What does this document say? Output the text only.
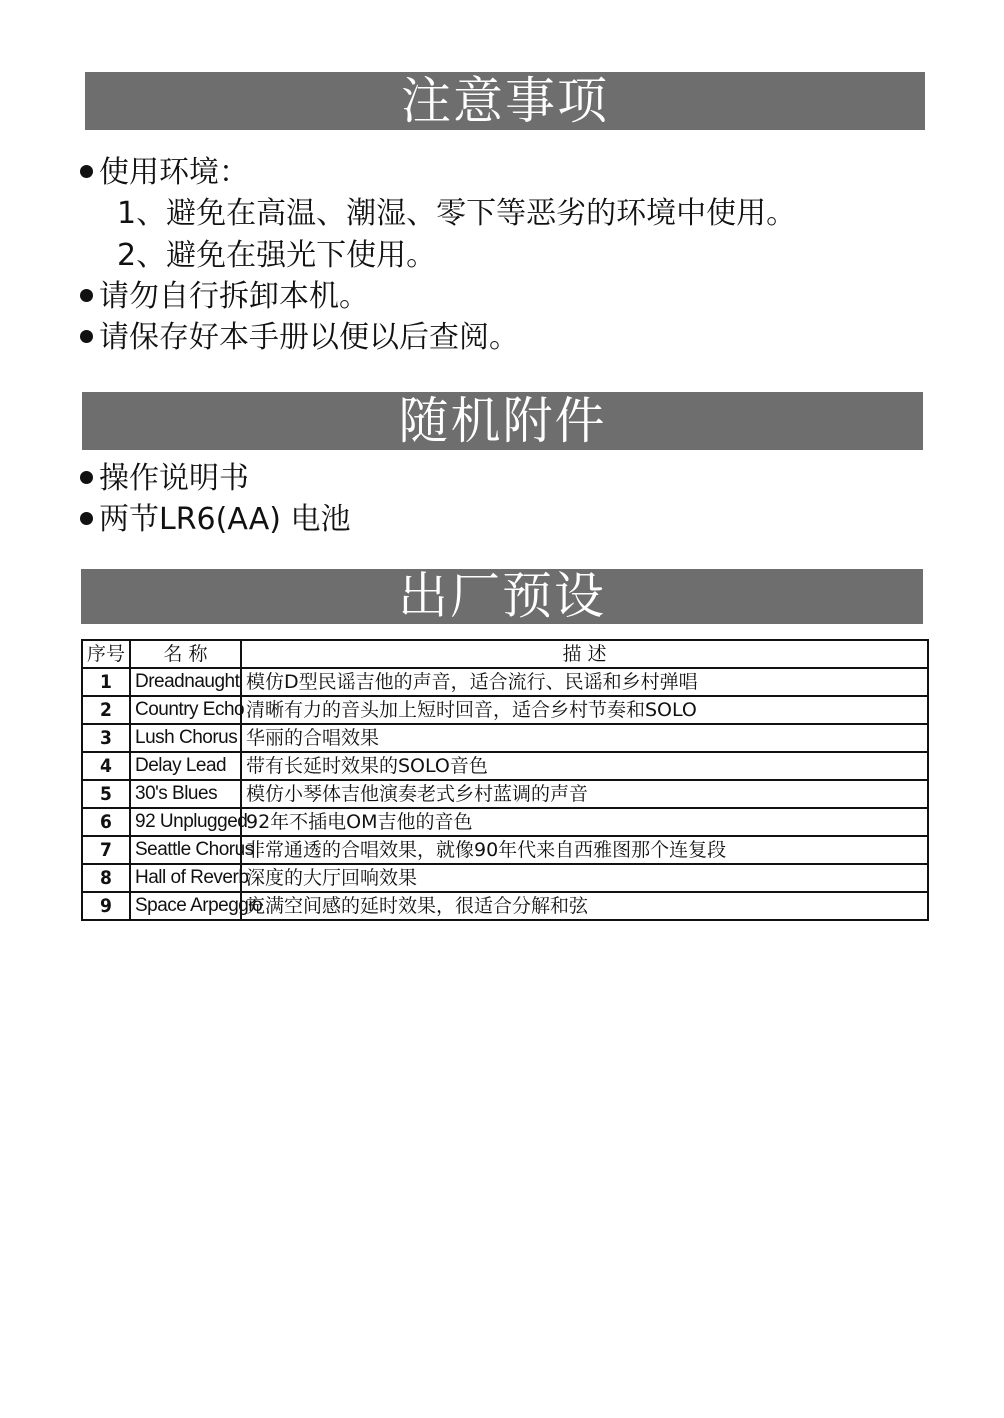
注意事项
使用环境：
1、避免在高温、潮湿、零下等恶劣的环境中使用。
2、避免在强光下使用。
请勿自行拆卸本机。
请保存好本手册以便以后查阅。
随机附件
操作说明书
两节LR6(AA) 电池
出厂预设
序号	名 称	描 述
1	Dreadnaught	模仿D型民谣吉他的声音，适合流行、民谣和乡村弹唱
2	Country Echo	清晰有力的音头加上短时回音，适合乡村节奏和SOLO
3	Lush Chorus	华丽的合唱效果
4	Delay Lead	带有长延时效果的SOLO音色
5	30's Blues	模仿小琴体吉他演奏老式乡村蓝调的声音
6	92 Unplugged	92年不插电OM吉他的音色
7	Seattle Chorus	非常通透的合唱效果，就像90年代来自西雅图那个连复段
8	Hall of Reverb	深度的大厅回响效果
9	Space Arpeggio	充满空间感的延时效果，很适合分解和弦
